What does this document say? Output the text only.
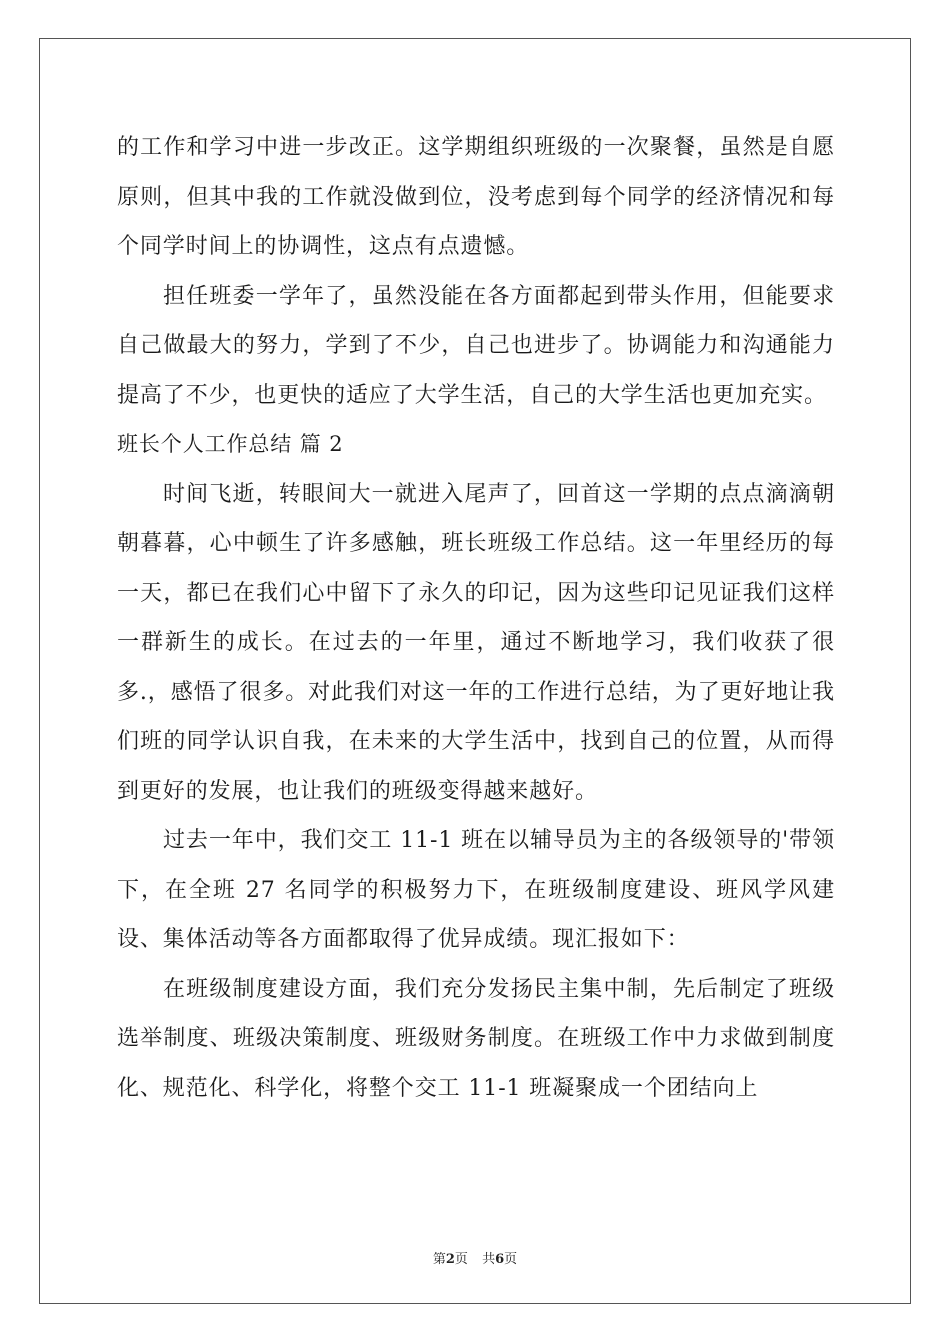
的工作和学习中进一步改正。这学期组织班级的一次聚餐，虽然是自愿原则，但其中我的工作就没做到位，没考虑到每个同学的经济情况和每个同学时间上的协调性，这点有点遗憾。

担任班委一学年了，虽然没能在各方面都起到带头作用，但能要求自己做最大的努力，学到了不少，自己也进步了。协调能力和沟通能力提高了不少，也更快的适应了大学生活，自己的大学生活也更加充实。

班长个人工作总结 篇 2

时间飞逝，转眼间大一就进入尾声了，回首这一学期的点点滴滴朝朝暮暮，心中顿生了许多感触，班长班级工作总结。这一年里经历的每一天，都已在我们心中留下了永久的印记，因为这些印记见证我们这样一群新生的成长。在过去的一年里，通过不断地学习，我们收获了很多.，感悟了很多。对此我们对这一年的工作进行总结，为了更好地让我们班的同学认识自我，在未来的大学生活中，找到自己的位置，从而得到更好的发展，也让我们的班级变得越来越好。

过去一年中，我们交工 11-1 班在以辅导员为主的各级领导的'带领下，在全班 27 名同学的积极努力下，在班级制度建设、班风学风建设、集体活动等各方面都取得了优异成绩。现汇报如下：

在班级制度建设方面，我们充分发扬民主集中制，先后制定了班级选举制度、班级决策制度、班级财务制度。在班级工作中力求做到制度化、规范化、科学化，将整个交工 11-1 班凝聚成一个团结向上

第2页 共6页
